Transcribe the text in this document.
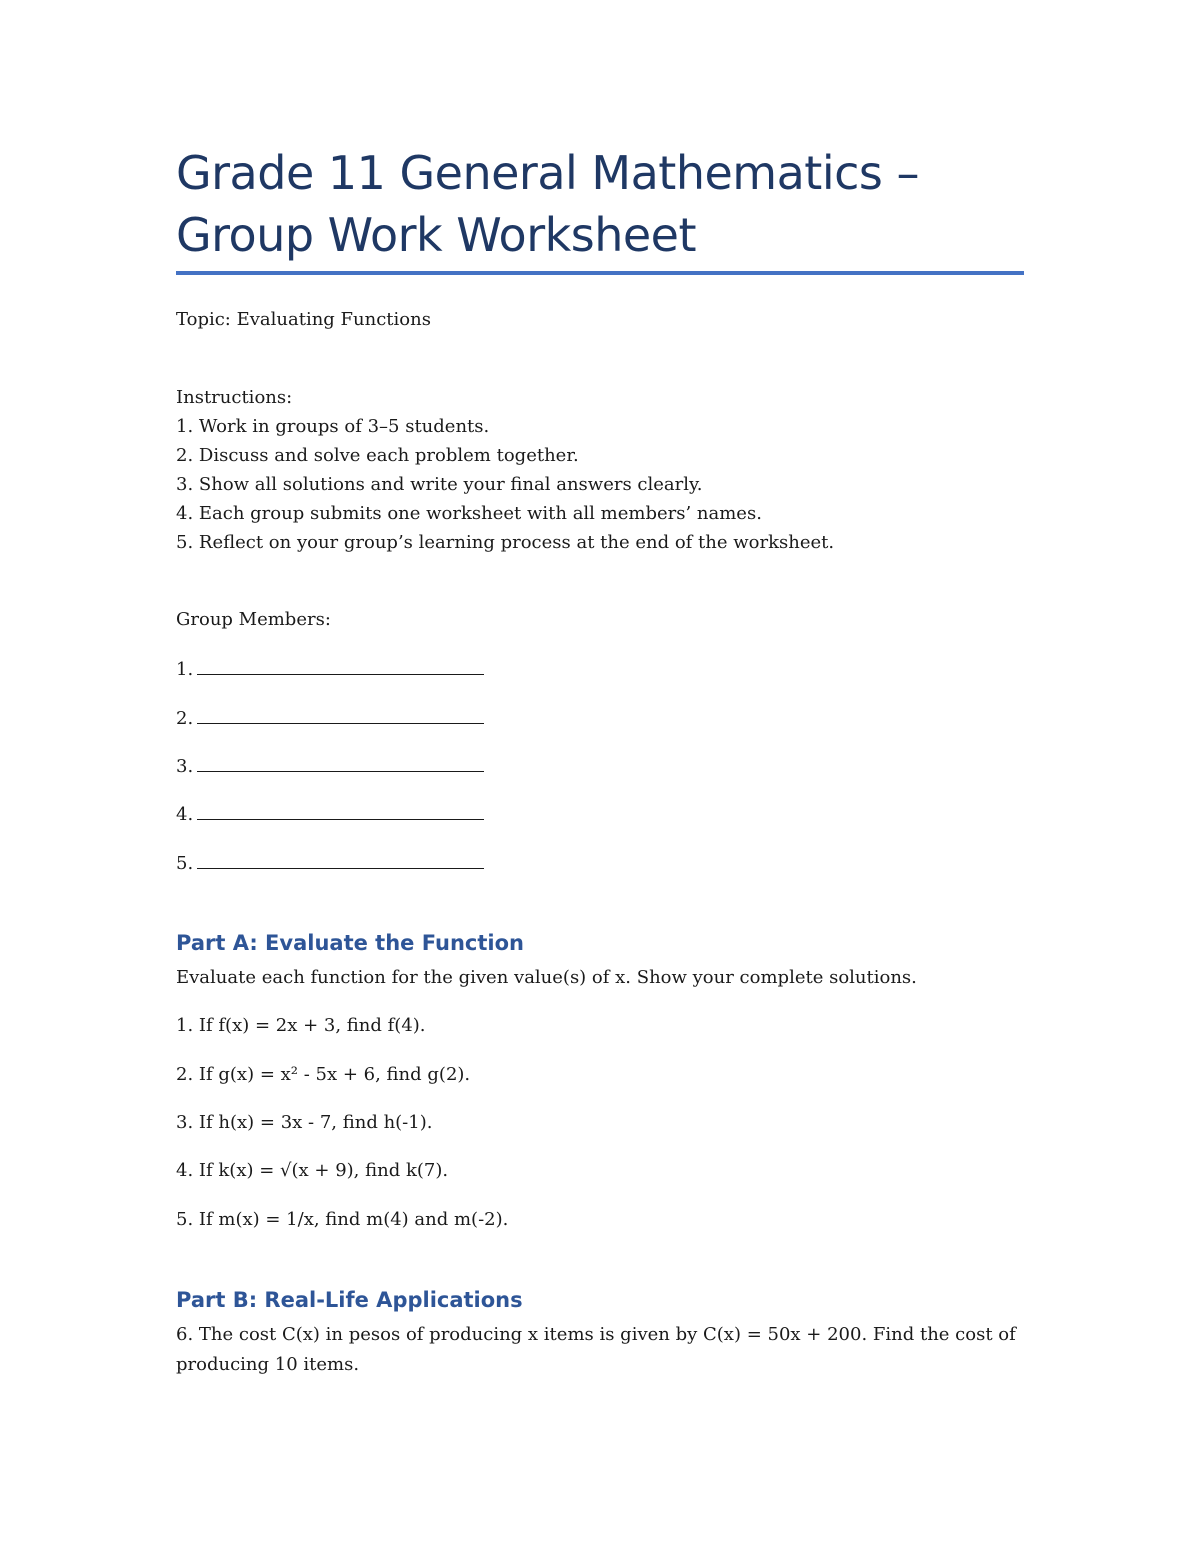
Grade 11 General Mathematics – Group Work Worksheet
Topic: Evaluating Functions
Instructions:
1. Work in groups of 3–5 students.
2. Discuss and solve each problem together.
3. Show all solutions and write your final answers clearly.
4. Each group submits one worksheet with all members’ names.
5. Reflect on your group’s learning process at the end of the worksheet.
Group Members:
1.
2.
3.
4.
5.
Part A: Evaluate the Function
Evaluate each function for the given value(s) of x. Show your complete solutions.
1. If f(x) = 2x + 3, find f(4).
2. If g(x) = x² - 5x + 6, find g(2).
3. If h(x) = 3x - 7, find h(-1).
4. If k(x) = √(x + 9), find k(7).
5. If m(x) = 1/x, find m(4) and m(-2).
Part B: Real-Life Applications
6. The cost C(x) in pesos of producing x items is given by C(x) = 50x + 200. Find the cost of producing 10 items.
